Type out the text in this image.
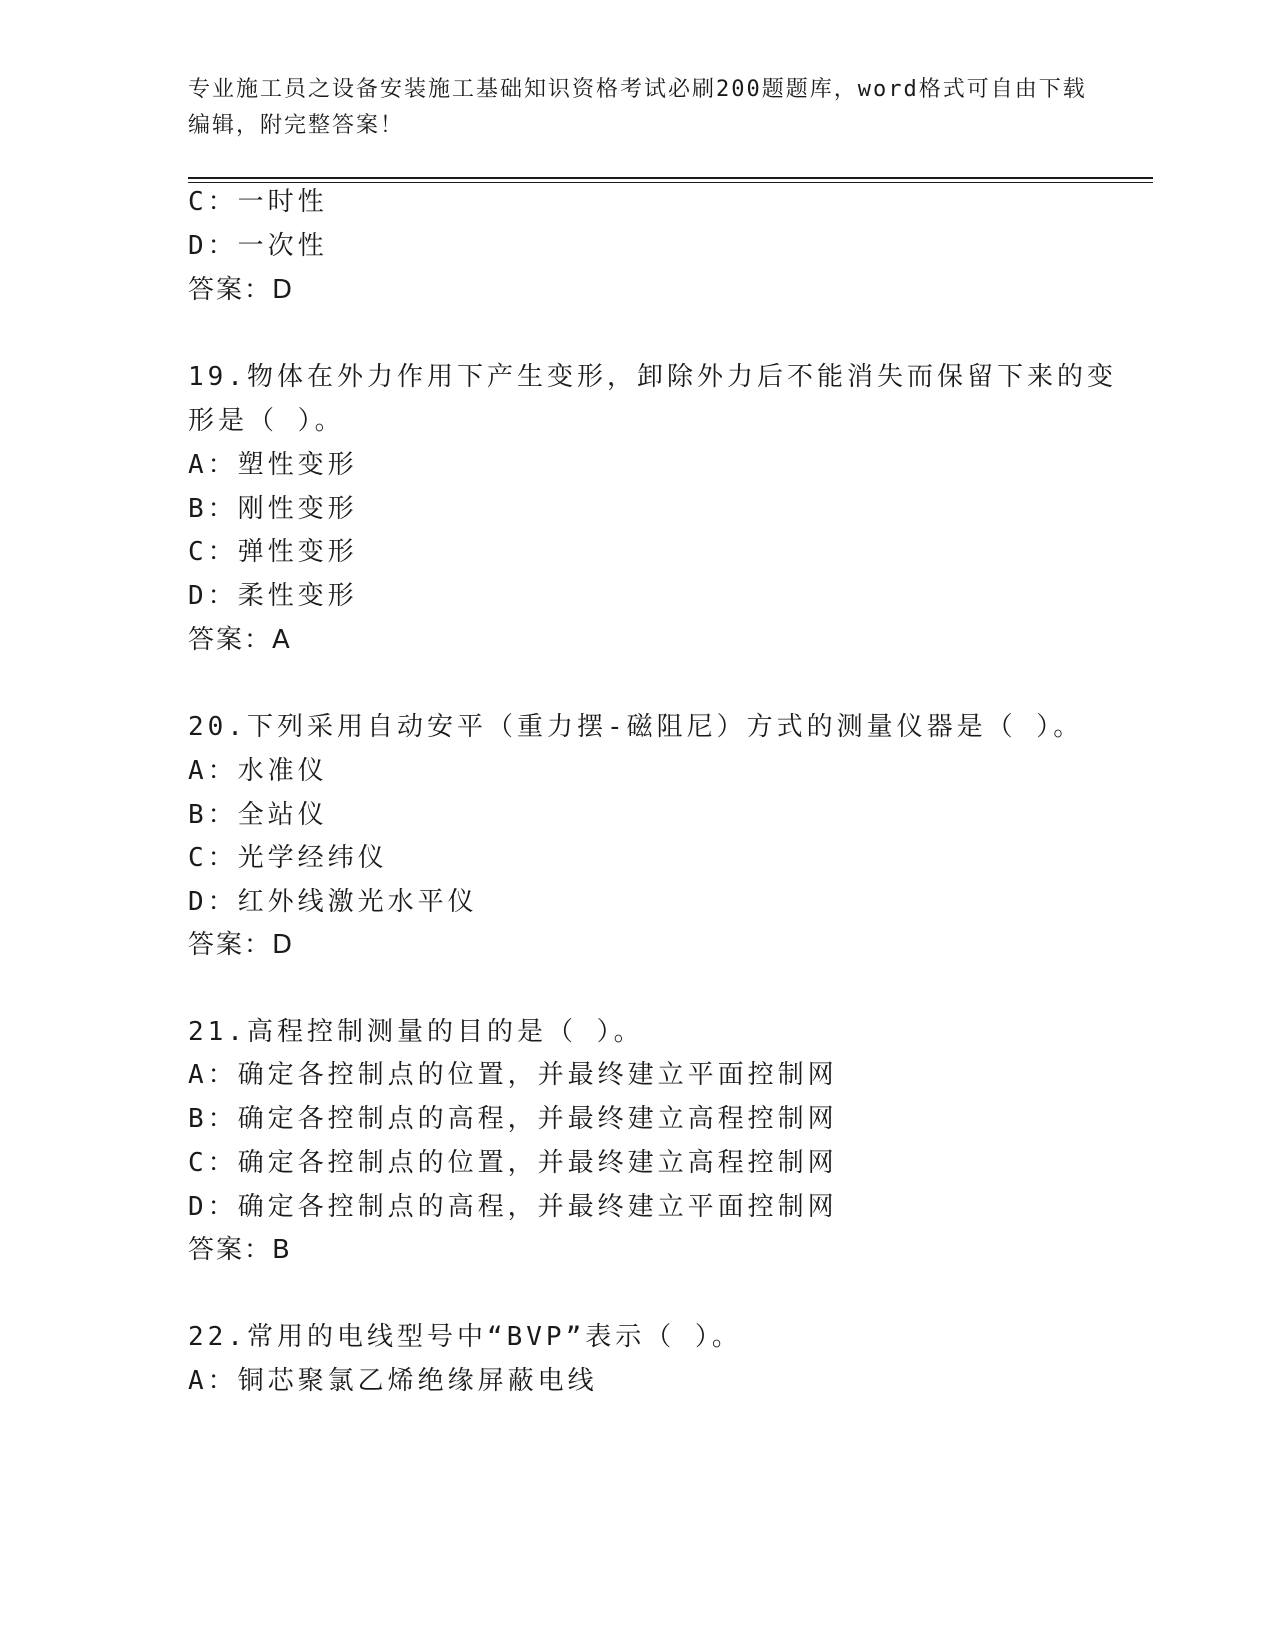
专业施工员之设备安装施工基础知识资格考试必刷200题题库，word格式可自由下载编辑，附完整答案！
C：一时性
D：一次性
答案：D
19.物体在外力作用下产生变形，卸除外力后不能消失而保留下来的变
形是（ ）。
A：塑性变形
B：刚性变形
C：弹性变形
D：柔性变形
答案：A
20.下列采用自动安平（重力摆-磁阻尼）方式的测量仪器是（ ）。
A：水准仪
B：全站仪
C：光学经纬仪
D：红外线激光水平仪
答案：D
21.高程控制测量的目的是（ ）。
A：确定各控制点的位置，并最终建立平面控制网
B：确定各控制点的高程，并最终建立高程控制网
C：确定各控制点的位置，并最终建立高程控制网
D：确定各控制点的高程，并最终建立平面控制网
答案：B
22.常用的电线型号中“BVP”表示（ ）。
A：铜芯聚氯乙烯绝缘屏蔽电线
